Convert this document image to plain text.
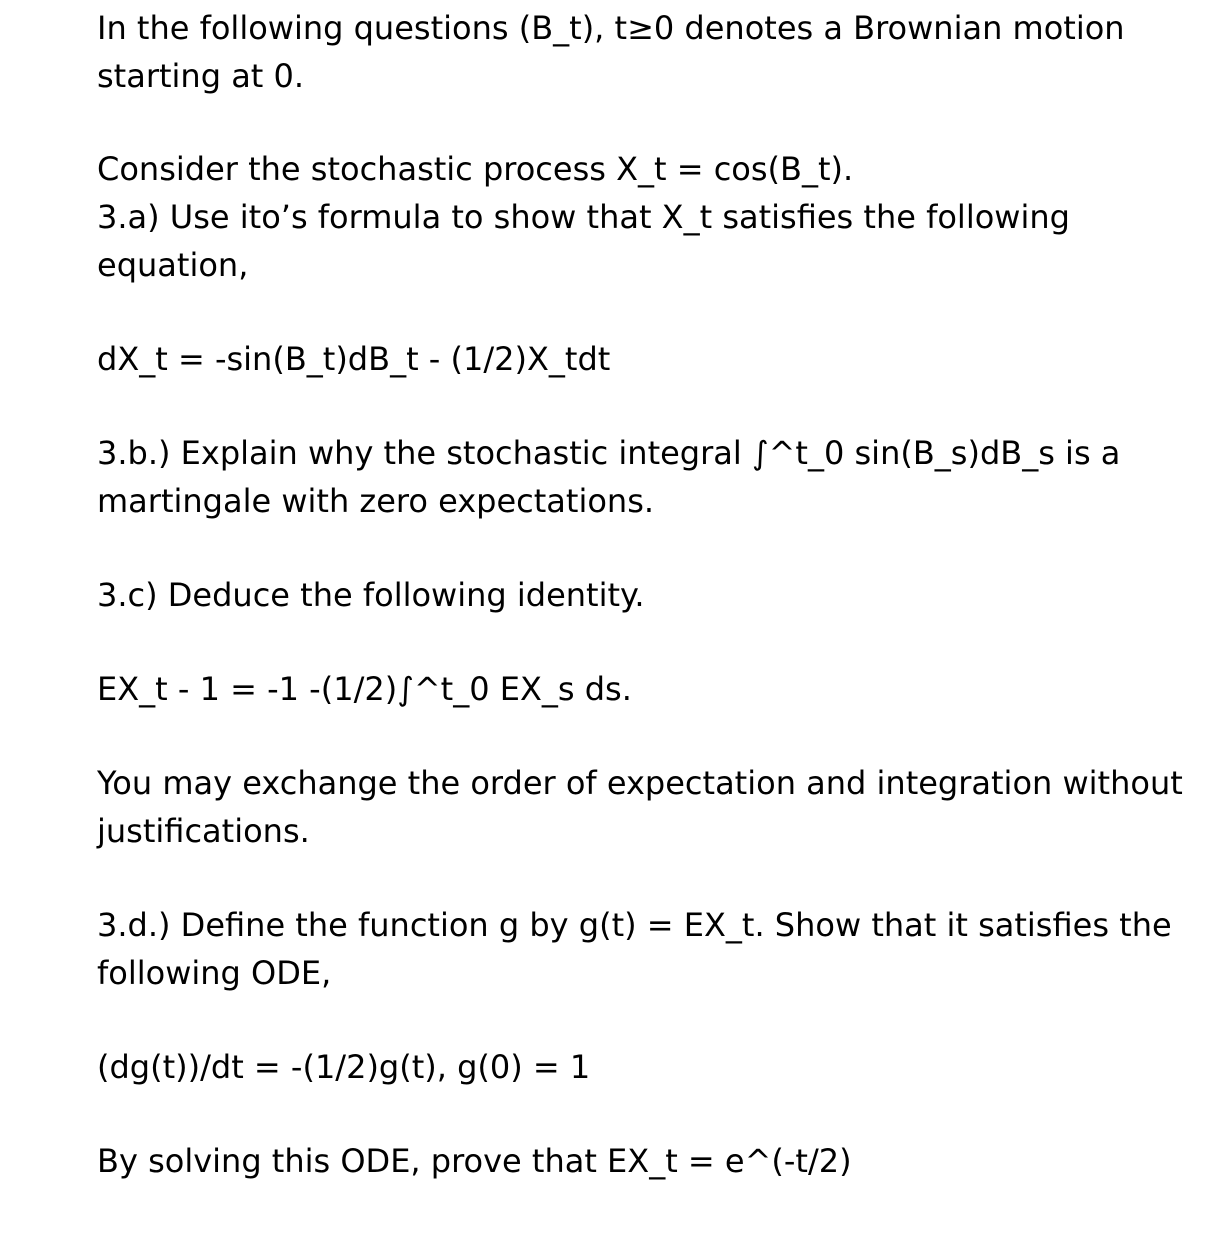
In the following questions (B_t), t≥0 denotes a Brownian motion

starting at 0.

Consider the stochastic process X_t = cos(B_t).

3.a) Use ito’s formula to show that X_t satisfies the following

equation,

dX_t = -sin(B_t)dB_t - (1/2)X_tdt

3.b.) Explain why the stochastic integral ∫^t_0 sin(B_s)dB_s is a

martingale with zero expectations.

3.c) Deduce the following identity.

EX_t - 1 = -1 -(1/2)∫^t_0 EX_s ds.

You may exchange the order of expectation and integration without

justifications.

3.d.) Define the function g by g(t) = EX_t. Show that it satisfies the

following ODE,

(dg(t))/dt = -(1/2)g(t), g(0) = 1

By solving this ODE, prove that EX_t = e^(-t/2)
